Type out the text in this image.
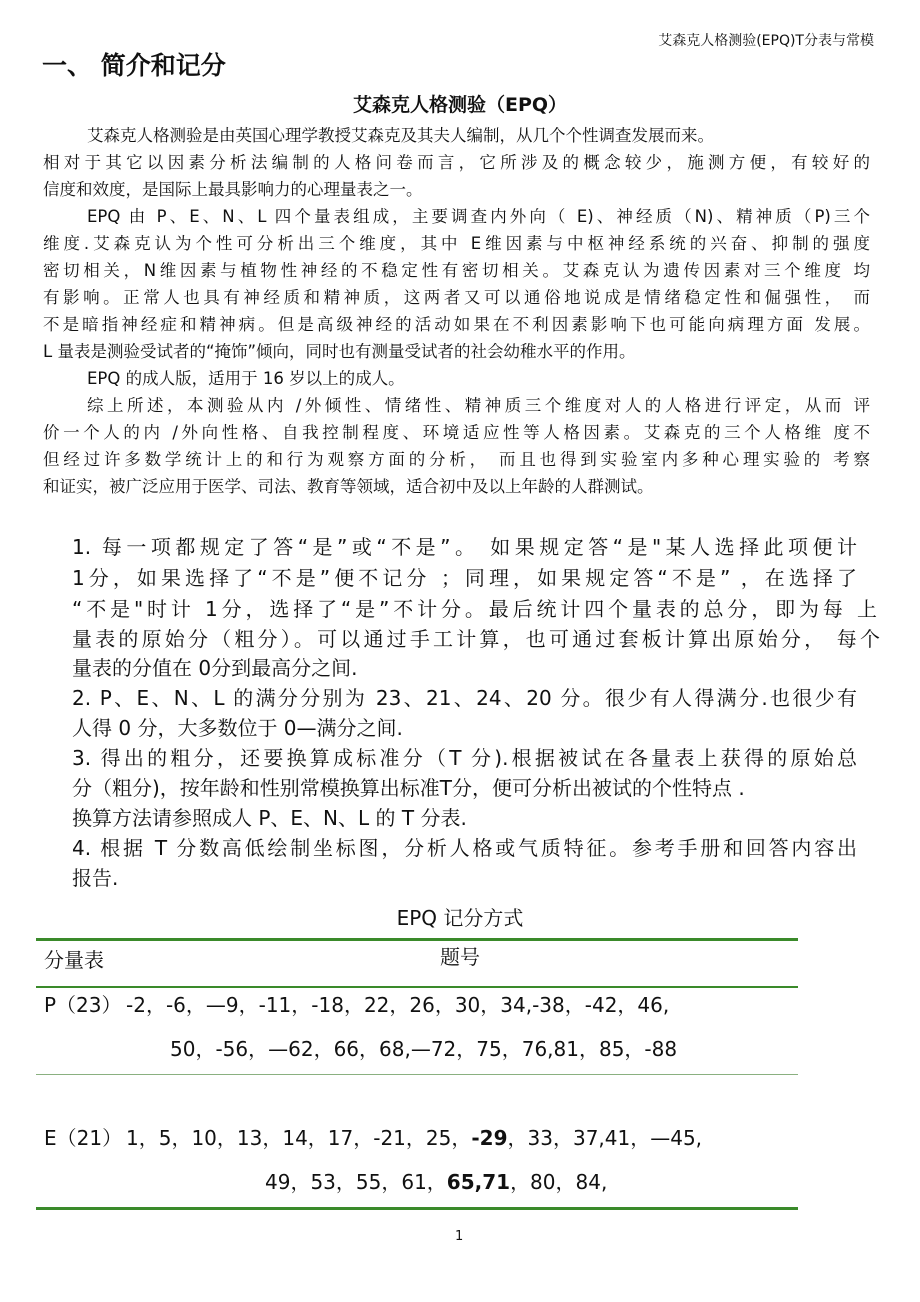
艾森克人格测验(EPQ)T分表与常模
一、 简介和记分
艾森克人格测验（EPQ）
艾森克人格测验是由英国心理学教授艾森克及其夫人编制，从几个个性调查发展而来。
相对于其它以因素分析法编制的人格问卷而言，它所涉及的概念较少，施测方便，有较好的
信度和效度，是国际上最具影响力的心理量表之一。
EPQ 由 P、E、N、L 四个量表组成，主要调查内外向（ E)、神经质（N)、精神质（P)三个
维度.艾森克认为个性可分析出三个维度，其中 E维因素与中枢神经系统的兴奋、抑制的强度
密切相关，N维因素与植物性神经的不稳定性有密切相关。艾森克认为遗传因素对三个维度 均
有影响。正常人也具有神经质和精神质，这两者又可以通俗地说成是情绪稳定性和倔强性， 而
不是暗指神经症和精神病。但是高级神经的活动如果在不利因素影响下也可能向病理方面 发展。
L 量表是测验受试者的“掩饰”倾向，同时也有测量受试者的社会幼稚水平的作用。
EPQ 的成人版，适用于 16 岁以上的成人。
综上所述，本测验从内 /外倾性、情绪性、精神质三个维度对人的人格进行评定，从而 评
价一个人的内 /外向性格、自我控制程度、环境适应性等人格因素。艾森克的三个人格维 度不
但经过许多数学统计上的和行为观察方面的分析， 而且也得到实验室内多种心理实验的 考察
和证实，被广泛应用于医学、司法、教育等领域，适合初中及以上年龄的人群测试。
1. 每一项都规定了答“是”或“不是”。 如果规定答“是"某人选择此项便计
1分，如果选择了“不是”便不记分 ；同理，如果规定答“不是” ，在选择了
“不是"时计 1分，选择了“是”不计分。最后统计四个量表的总分，即为每 上
量表的原始分（粗分）。可以通过手工计算，也可通过套板计算出原始分， 每个
量表的分值在 0分到最高分之间.
2. P、E、N、L 的满分分别为 23、21、24、20 分。很少有人得满分.也很少有
人得 0 分，大多数位于 0—满分之间.
3. 得出的粗分，还要换算成标准分（T 分).根据被试在各量表上获得的原始总
分（粗分)，按年龄和性别常模换算出标准T分，便可分析出被试的个性特点 .
换算方法请参照成人 P、E、N、L 的 T 分表.
4. 根据 T 分数高低绘制坐标图，分析人格或气质特征。参考手册和回答内容出
报告.
EPQ 记分方式
分量表	题号
P（23） -2，-6，—9，-11，-18，22，26，30，34,-38，-42，46,
50，-56，—62，66，68,—72，75，76,81，85，-88
E（21） 1，5，10，13，14，17，-21，25，-29，33，37,41，—45,
49，53，55，61，65,71，80，84,
1
